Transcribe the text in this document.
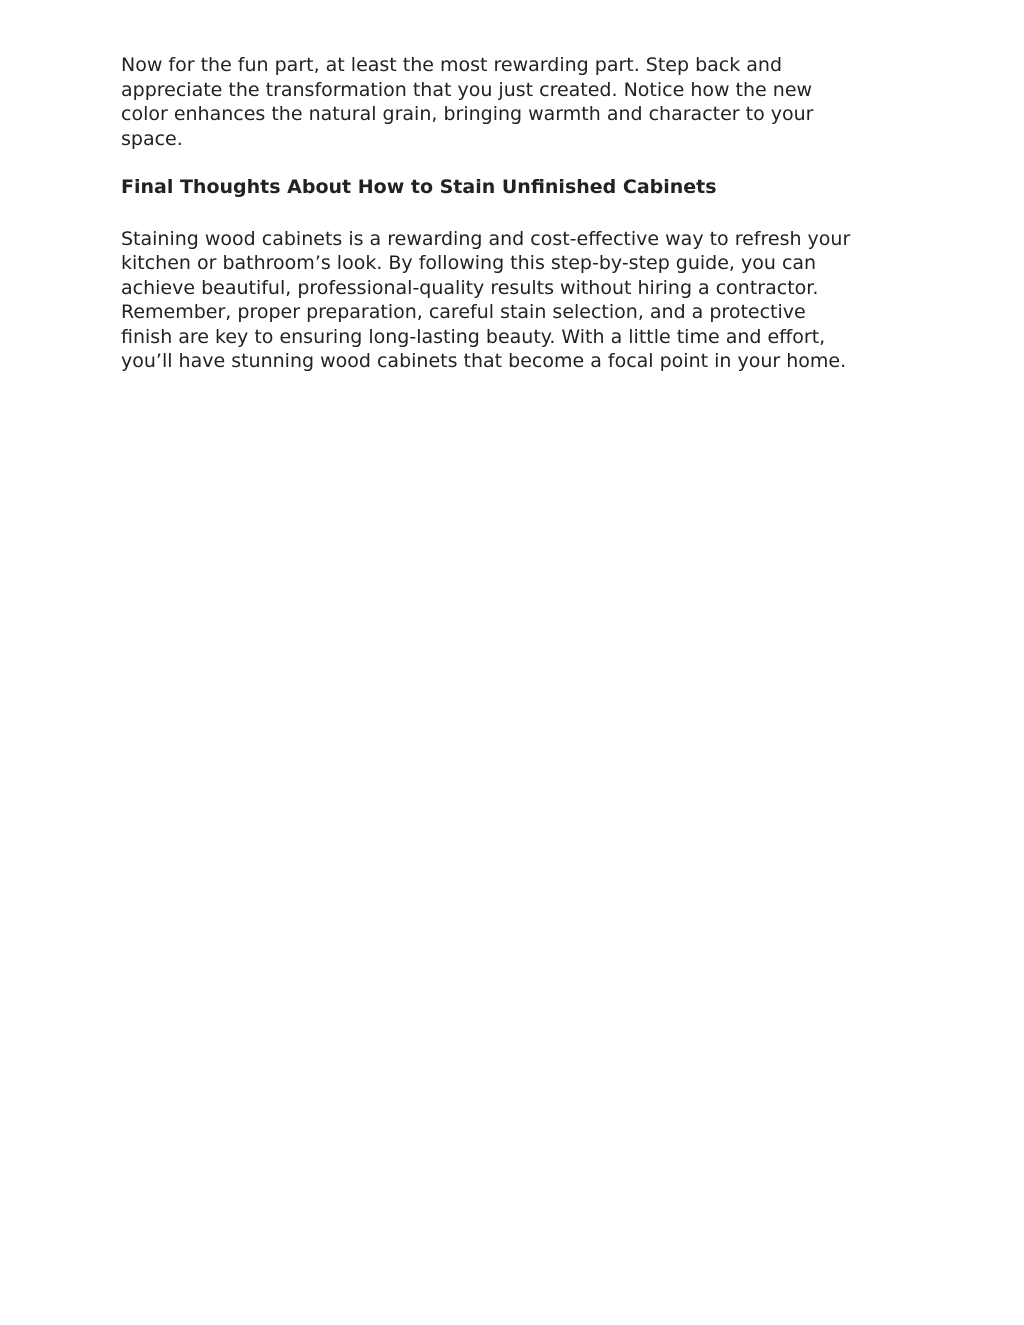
Now for the fun part, at least the most rewarding part. Step back and
appreciate the transformation that you just created. Notice how the new
color enhances the natural grain, bringing warmth and character to your
space.

Final Thoughts About How to Stain Unfinished Cabinets

Staining wood cabinets is a rewarding and cost-effective way to refresh your
kitchen or bathroom’s look. By following this step-by-step guide, you can
achieve beautiful, professional-quality results without hiring a contractor.
Remember, proper preparation, careful stain selection, and a protective
finish are key to ensuring long-lasting beauty. With a little time and effort,
you’ll have stunning wood cabinets that become a focal point in your home.
